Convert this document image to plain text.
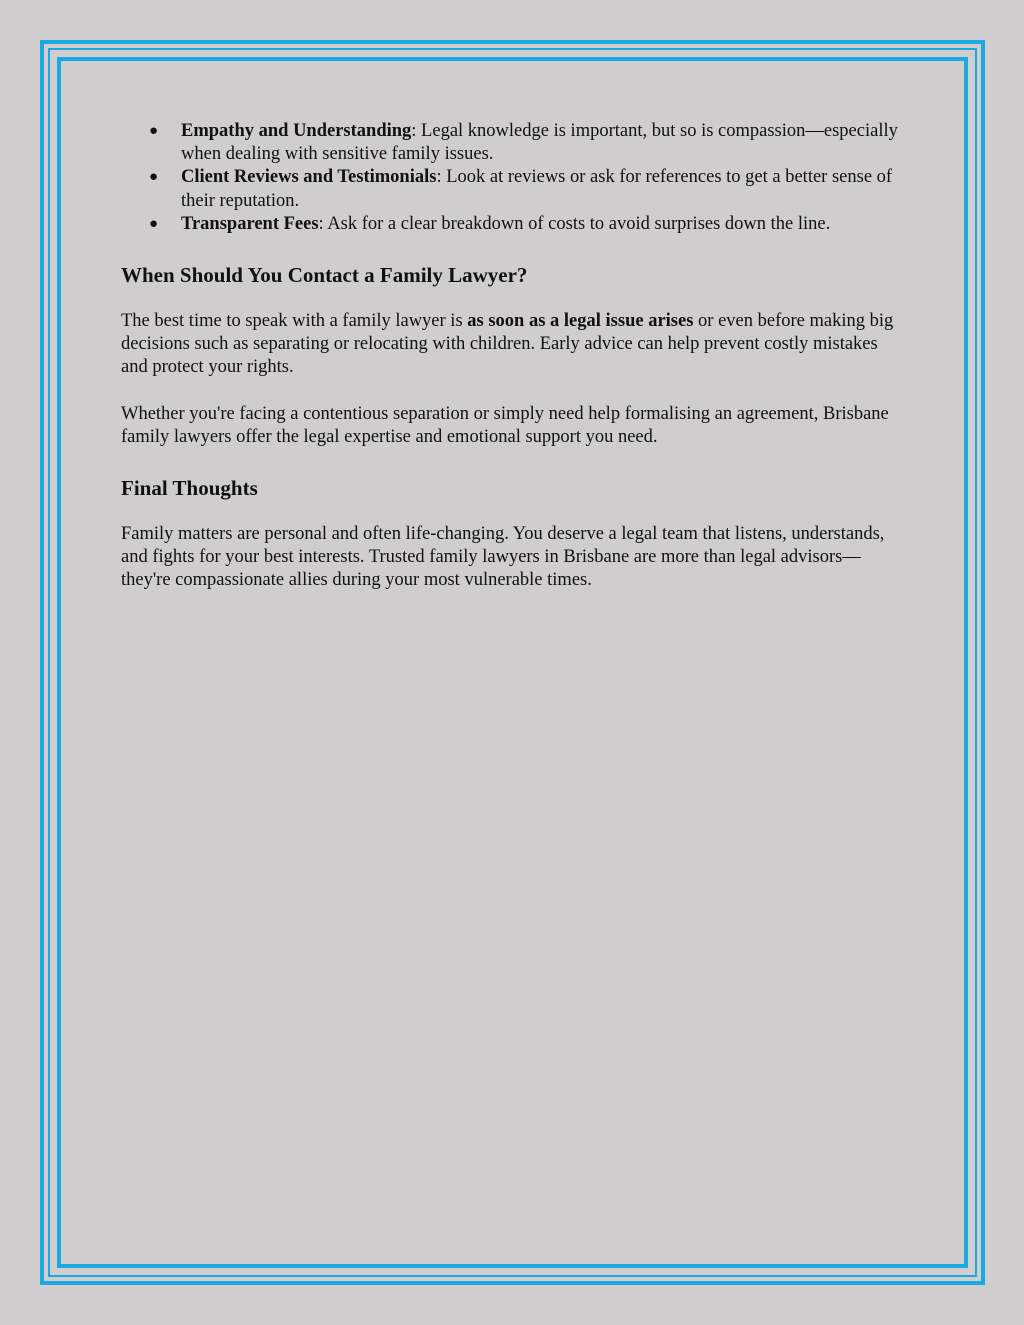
● Empathy and Understanding: Legal knowledge is important, but so is compassion—especially when dealing with sensitive family issues.
● Client Reviews and Testimonials: Look at reviews or ask for references to get a better sense of their reputation.
● Transparent Fees: Ask for a clear breakdown of costs to avoid surprises down the line.
When Should You Contact a Family Lawyer?

The best time to speak with a family lawyer is as soon as a legal issue arises or even before making big decisions such as separating or relocating with children. Early advice can help prevent costly mistakes and protect your rights.

Whether you're facing a contentious separation or simply need help formalising an agreement, Brisbane family lawyers offer the legal expertise and emotional support you need.

Final Thoughts

Family matters are personal and often life-changing. You deserve a legal team that listens, understands, and fights for your best interests. Trusted family lawyers in Brisbane are more than legal advisors—they're compassionate allies during your most vulnerable times.
